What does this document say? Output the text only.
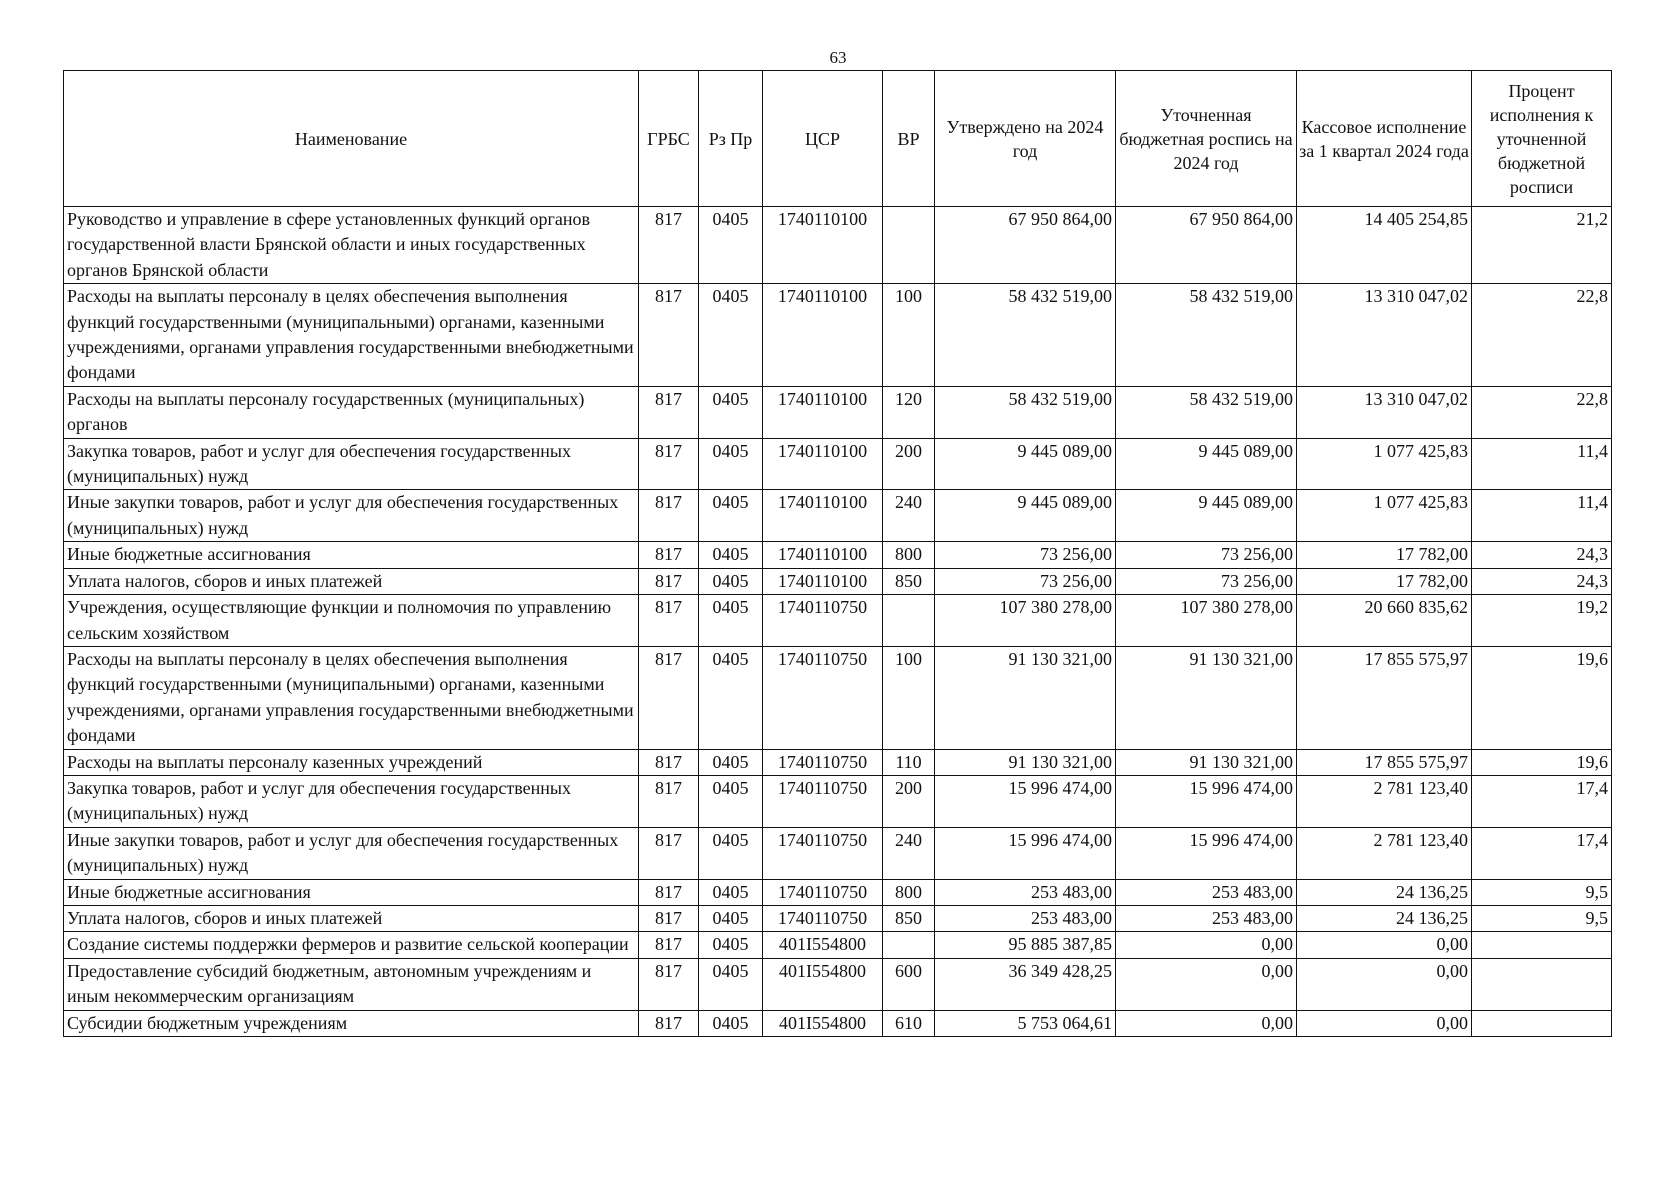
63
Наименование	ГРБС	Рз Пр	ЦСР	ВР	Утверждено на 2024 год	Уточненная бюджетная роспись на 2024 год	Кассовое исполнение за 1 квартал 2024 года	Процент исполнения к уточненной бюджетной росписи
Руководство и управление в сфере установленных функций органов государственной власти Брянской области и иных государственных органов Брянской области	817	0405	1740110100		67 950 864,00	67 950 864,00	14 405 254,85	21,2
Расходы на выплаты персоналу в целях обеспечения выполнения функций государственными (муниципальными) органами, казенными учреждениями, органами управления государственными внебюджетными фондами	817	0405	1740110100	100	58 432 519,00	58 432 519,00	13 310 047,02	22,8
Расходы на выплаты персоналу государственных (муниципальных) органов	817	0405	1740110100	120	58 432 519,00	58 432 519,00	13 310 047,02	22,8
Закупка товаров, работ и услуг для обеспечения государственных (муниципальных) нужд	817	0405	1740110100	200	9 445 089,00	9 445 089,00	1 077 425,83	11,4
Иные закупки товаров, работ и услуг для обеспечения государственных (муниципальных) нужд	817	0405	1740110100	240	9 445 089,00	9 445 089,00	1 077 425,83	11,4
Иные бюджетные ассигнования	817	0405	1740110100	800	73 256,00	73 256,00	17 782,00	24,3
Уплата налогов, сборов и иных платежей	817	0405	1740110100	850	73 256,00	73 256,00	17 782,00	24,3
Учреждения, осуществляющие функции и полномочия по управлению сельским хозяйством	817	0405	1740110750		107 380 278,00	107 380 278,00	20 660 835,62	19,2
Расходы на выплаты персоналу в целях обеспечения выполнения функций государственными (муниципальными) органами, казенными учреждениями, органами управления государственными внебюджетными фондами	817	0405	1740110750	100	91 130 321,00	91 130 321,00	17 855 575,97	19,6
Расходы на выплаты персоналу казенных учреждений	817	0405	1740110750	110	91 130 321,00	91 130 321,00	17 855 575,97	19,6
Закупка товаров, работ и услуг для обеспечения государственных (муниципальных) нужд	817	0405	1740110750	200	15 996 474,00	15 996 474,00	2 781 123,40	17,4
Иные закупки товаров, работ и услуг для обеспечения государственных (муниципальных) нужд	817	0405	1740110750	240	15 996 474,00	15 996 474,00	2 781 123,40	17,4
Иные бюджетные ассигнования	817	0405	1740110750	800	253 483,00	253 483,00	24 136,25	9,5
Уплата налогов, сборов и иных платежей	817	0405	1740110750	850	253 483,00	253 483,00	24 136,25	9,5
Создание системы поддержки фермеров и развитие сельской кооперации	817	0405	401I554800		95 885 387,85	0,00	0,00	
Предоставление субсидий бюджетным, автономным учреждениям и иным некоммерческим организациям	817	0405	401I554800	600	36 349 428,25	0,00	0,00	
Субсидии бюджетным учреждениям	817	0405	401I554800	610	5 753 064,61	0,00	0,00	
